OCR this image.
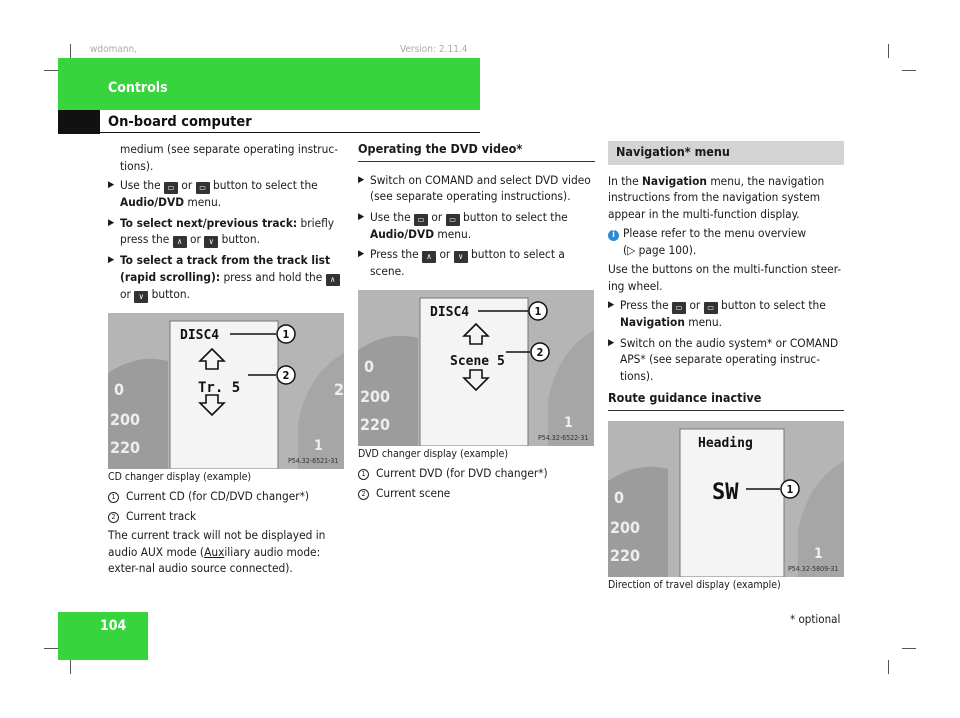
wdomann,	Version: 2.11.4
Controls
On-board computer
104

medium (see separate operating instruc-tions).

▶ Use the ▭ or ▭ button to select the Audio/DVD menu.
▶ To select next/previous track: briefly press the ∧ or ∨ button.
▶ To select a track from the track list (rapid scrolling): press and hold the ∧ or ∨ button.
DISC4
Tr. 5
1
2
0
200
220
2
1
P54.32-6521-31

CD changer display (example)

1 Current CD (for CD/DVD changer*)

2 Current track

The current track will not be displayed in audio AUX mode (Auxiliary audio mode: exter-nal audio source connected).

Operating the DVD video*

▶ Switch on COMAND and select DVD video (see separate operating instructions).
▶ Use the ▭ or ▭ button to select the Audio/DVD menu.
▶ Press the ∧ or ∨ button to select a scene.
DISC4
Scene 5
1
2
0
200
220	1
P54.32-6522-31

DVD changer display (example)

1 Current DVD (for DVD changer*)

2 Current scene

Navigation* menu

In the Navigation menu, the navigation instructions from the navigation system appear in the multi-function display.

i Please refer to the menu overview
(▷ page 100).

Use the buttons on the multi-function steer-ing wheel.

▶ Press the ▭ or ▭ button to select the Navigation menu.
▶ Switch on the audio system* or COMAND APS* (see separate operating instruc-tions).

Route guidance inactive

Heading
SW	1
0
200
220	1
P54.32-5809-31

Direction of travel display (example)

* optional
